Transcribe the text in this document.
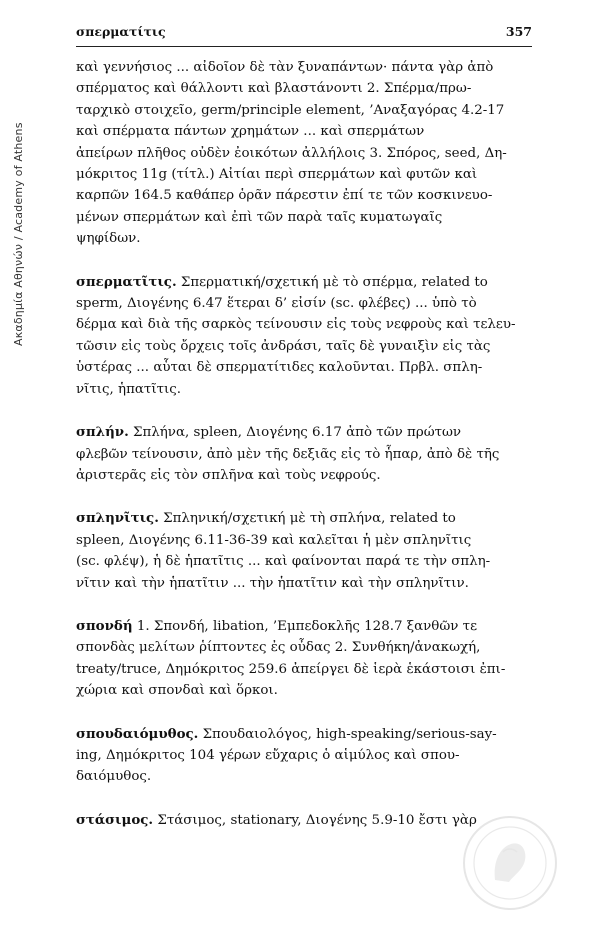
Ακαδημία Αθηνών / Academy of Athens
σπερματίτις	357
καὶ γεννήσιος ... αἰδοῖον δὲ τὰν ξυναπάντων· πάντα γὰρ ἀπὸ
σπέρματος καὶ θάλλοντι καὶ βλαστάνοντι 2. Σπέρμα/πρω-
ταρχικὸ στοιχεῖο, germ/principle element, ’Αναξαγόρας 4.2-17
καὶ σπέρματα πάντων χρημάτων ... καὶ σπερμάτων
ἀπείρων πλῆθος οὐδὲν ἐοικότων ἀλλήλοις 3. Σπόρος, seed, Δη-
μόκριτος 11g (τίτλ.) Αἰτίαι περὶ σπερμάτων καὶ φυτῶν καὶ
καρπῶν 164.5 καθάπερ ὁρᾶν πάρεστιν ἐπί τε τῶν κοσκινευο-
μένων σπερμάτων καὶ ἐπὶ τῶν παρὰ ταῖς κυματωγαῖς
ψηφίδων.
σπερματῖτις. Σπερματική/σχετική μὲ τὸ σπέρμα, related to
sperm, Διογένης 6.47 ἕτεραι δ’ εἰσίν (sc. φλέβες) ... ὑπὸ τὸ
δέρμα καὶ διὰ τῆς σαρκὸς τείνουσιν εἰς τοὺς νεφροὺς καὶ τελευ-
τῶσιν εἰς τοὺς ὄρχεις τοῖς ἀνδράσι, ταῖς δὲ γυναιξὶν εἰς τὰς
ὑστέρας ... αὗται δὲ σπερματίτιδες καλοῦνται. Πρβλ. σπλη-
νῖτις, ἡπατῖτις.
σπλήν. Σπλήνα, spleen, Διογένης 6.17 ἀπὸ τῶν πρώτων
φλεβῶν τείνουσιν, ἀπὸ μὲν τῆς δεξιᾶς εἰς τὸ ἧπαρ, ἀπὸ δὲ τῆς
ἀριστερᾶς εἰς τὸν σπλῆνα καὶ τοὺς νεφρούς.
σπληνῖτις. Σπληνική/σχετική μὲ τὴ σπλήνα, related to
spleen, Διογένης 6.11-36-39 καὶ καλεῖται ἡ μὲν σπληνῖτις
(sc. φλέψ), ἡ δὲ ἡπατῖτις ... καὶ φαίνονται παρά τε τὴν σπλη-
νῖτιν καὶ τὴν ἡπατῖτιν ... τὴν ἡπατῖτιν καὶ τὴν σπληνῖτιν.
σπονδή 1. Σπονδή, libation, ’Εμπεδοκλῆς 128.7 ξανθῶν τε
σπονδὰς μελίτων ῥίπτοντες ἐς οὖδας 2. Συνθήκη/ἀνακωχή,
treaty/truce, Δημόκριτος 259.6 ἀπείργει δὲ ἱερὰ ἑκάστοισι ἐπι-
χώρια καὶ σπονδαὶ καὶ ὅρκοι.
σπουδαιόμυθος. Σπουδαιολόγος, high-speaking/serious-say-
ing, Δημόκριτος 104 γέρων εὔχαρις ὁ αἱμύλος καὶ σπου-
δαιόμυθος.
στάσιμος. Στάσιμος, stationary, Διογένης 5.9-10 ἔστι γὰρ
